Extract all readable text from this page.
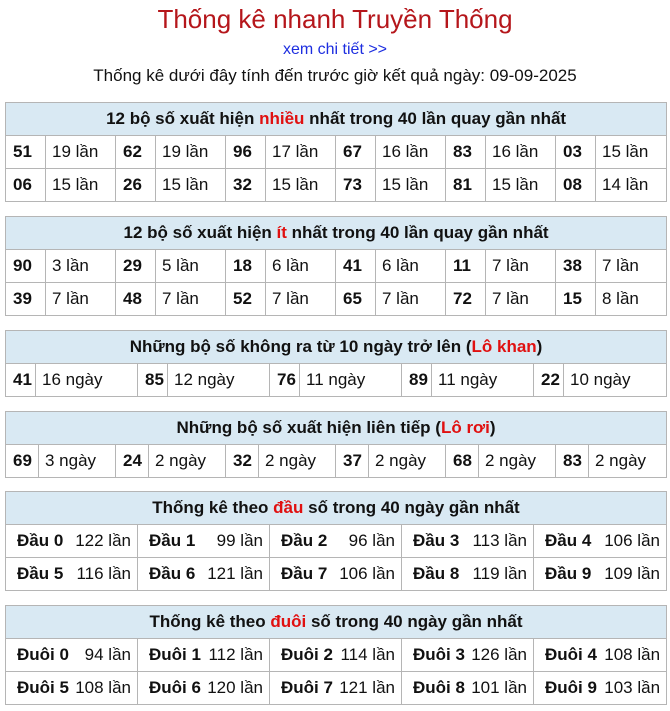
Thống kê nhanh Truyền Thống
xem chi tiết >>
Thống kê dưới đây tính đến trước giờ kết quả ngày: 09-09-2025
12 bộ số xuất hiện nhiều nhất trong 40 lần quay gần nhất											
51	19 lần	62	19 lần	96	17 lần	67	16 lần	83	16 lần	03	15 lần
06	15 lần	26	15 lần	32	15 lần	73	15 lần	81	15 lần	08	14 lần
12 bộ số xuất hiện ít nhất trong 40 lần quay gần nhất											
90	3 lần	29	5 lần	18	6 lần	41	6 lần	11	7 lần	38	7 lần
39	7 lần	48	7 lần	52	7 lần	65	7 lần	72	7 lần	15	8 lần
Những bộ số không ra từ 10 ngày trở lên (Lô khan)
41	16 ngày	85	12 ngày	76	11 ngày	89	11 ngày	22	10 ngày
Những bộ số xuất hiện liên tiếp (Lô rơi)
69	3 ngày	24	2 ngày	32	2 ngày	37	2 ngày	68	2 ngày	83	2 ngày
Thống kê theo đầu số trong 40 ngày gần nhất				

Đầu 0 122 lần	Đầu 1 99 lần	Đầu 2 96 lần	Đầu 3 113 lần	Đầu 4 106 lần

Đầu 5 116 lần	Đầu 6 121 lần	Đầu 7 106 lần	Đầu 8 119 lần	Đầu 9 109 lần
Thống kê theo đuôi số trong 40 ngày gần nhất				

Đuôi 0 94 lần	Đuôi 1 112 lần	Đuôi 2 114 lần	Đuôi 3 126 lần	Đuôi 4 108 lần

Đuôi 5 108 lần	Đuôi 6 120 lần	Đuôi 7 121 lần	Đuôi 8 101 lần	Đuôi 9 103 lần
